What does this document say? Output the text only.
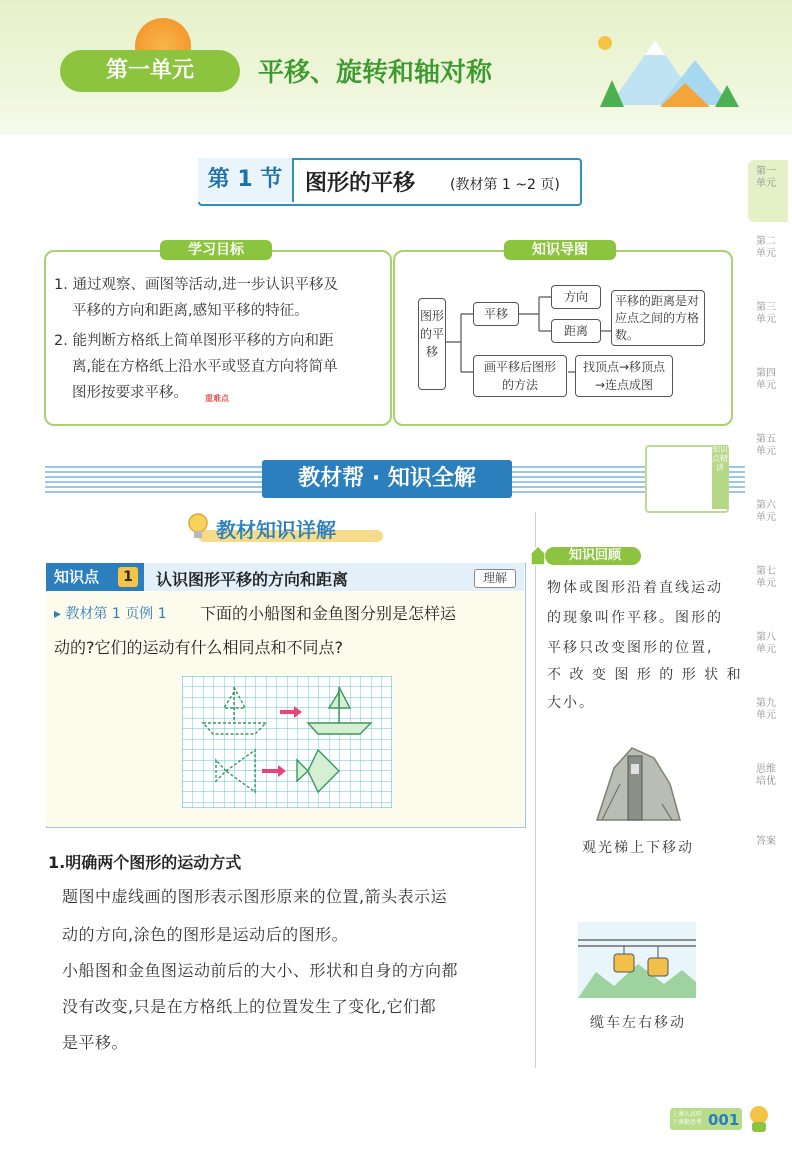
第一单元	平移、旋转和轴对称
第 1 节	图形的平移 (教材第 1 ~2 页)
第一单元
第二单元
第三单元
第四单元
第五单元
第六单元
第七单元
第八单元
第九单元
思维培优
答案
学习目标
1. 通过观察、画图等活动,进一步认识平移及
平移的方向和距离,感知平移的特征。
2. 能判断方格纸上简单图形平移的方向和距
离,能在方格纸上沿水平或竖直方向将简单
图形按要求平移。 重难点
知识导图
图形的平移
平移
方向
距离
平移的距离是对应点之间的方格数。
画平移后图形的方法
找顶点→移顶点→连点成图
教材帮 · 知识全解
知识点精讲
教材知识详解
知识点	1	认识图形平移的方向和距离	理解
▸ 教材第 1 页例 1 下面的小船图和金鱼图分别是怎样运
动的?它们的运动有什么相同点和不同点?
知识回顾
物体或图形沿着直线运动
的现象叫作平移。图形的
平移只改变图形的位置,
不 改 变 图 形 的 形 状 和
大小。
观光梯上下移动
缆车左右移动
1.明确两个图形的运动方式
题图中虚线画的图形表示图形原来的位置,箭头表示运
动的方向,涂色的图形是运动后的图形。
小船图和金鱼图运动前后的大小、形状和自身的方向都
没有改变,只是在方格纸上的位置发生了变化,它们都
是平移。
上课认真听
下课勤思考 001
